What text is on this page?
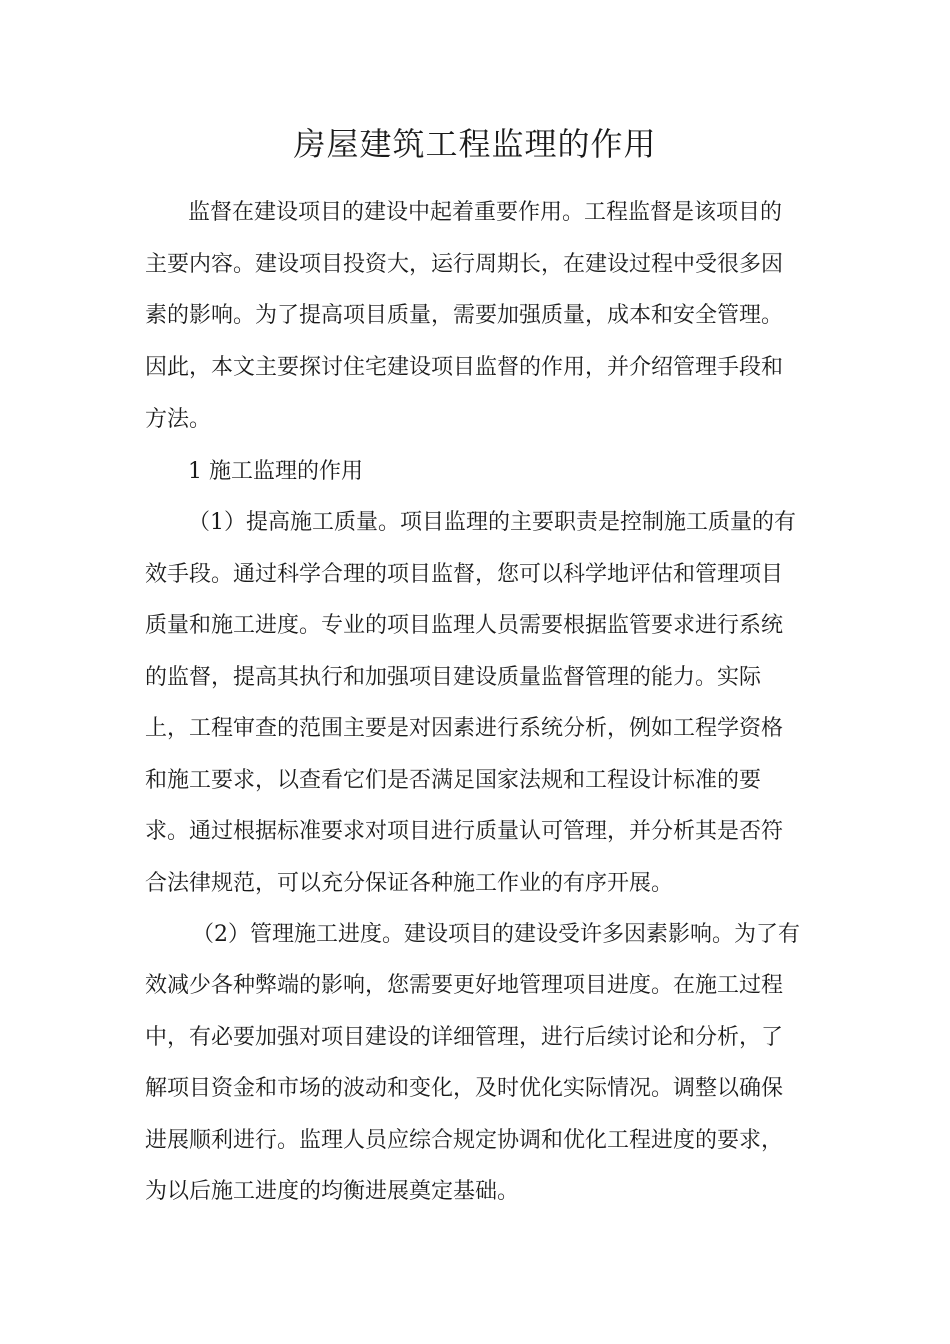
房屋建筑工程监理的作用
监督在建设项目的建设中起着重要作用。工程监督是该项目的
主要内容。建设项目投资大，运行周期长，在建设过程中受很多因
素的影响。为了提高项目质量，需要加强质量，成本和安全管理。
因此，本文主要探讨住宅建设项目监督的作用，并介绍管理手段和
方法。
1 施工监理的作用
（1）提高施工质量。项目监理的主要职责是控制施工质量的有
效手段。通过科学合理的项目监督，您可以科学地评估和管理项目
质量和施工进度。专业的项目监理人员需要根据监管要求进行系统
的监督，提高其执行和加强项目建设质量监督管理的能力。实际
上，工程审查的范围主要是对因素进行系统分析，例如工程学资格
和施工要求，以查看它们是否满足国家法规和工程设计标准的要
求。通过根据标准要求对项目进行质量认可管理，并分析其是否符
合法律规范，可以充分保证各种施工作业的有序开展。
（2）管理施工进度。建设项目的建设受许多因素影响。为了有
效减少各种弊端的影响，您需要更好地管理项目进度。在施工过程
中，有必要加强对项目建设的详细管理，进行后续讨论和分析，了
解项目资金和市场的波动和变化，及时优化实际情况。调整以确保
进展顺利进行。监理人员应综合规定协调和优化工程进度的要求，
为以后施工进度的均衡进展奠定基础。
